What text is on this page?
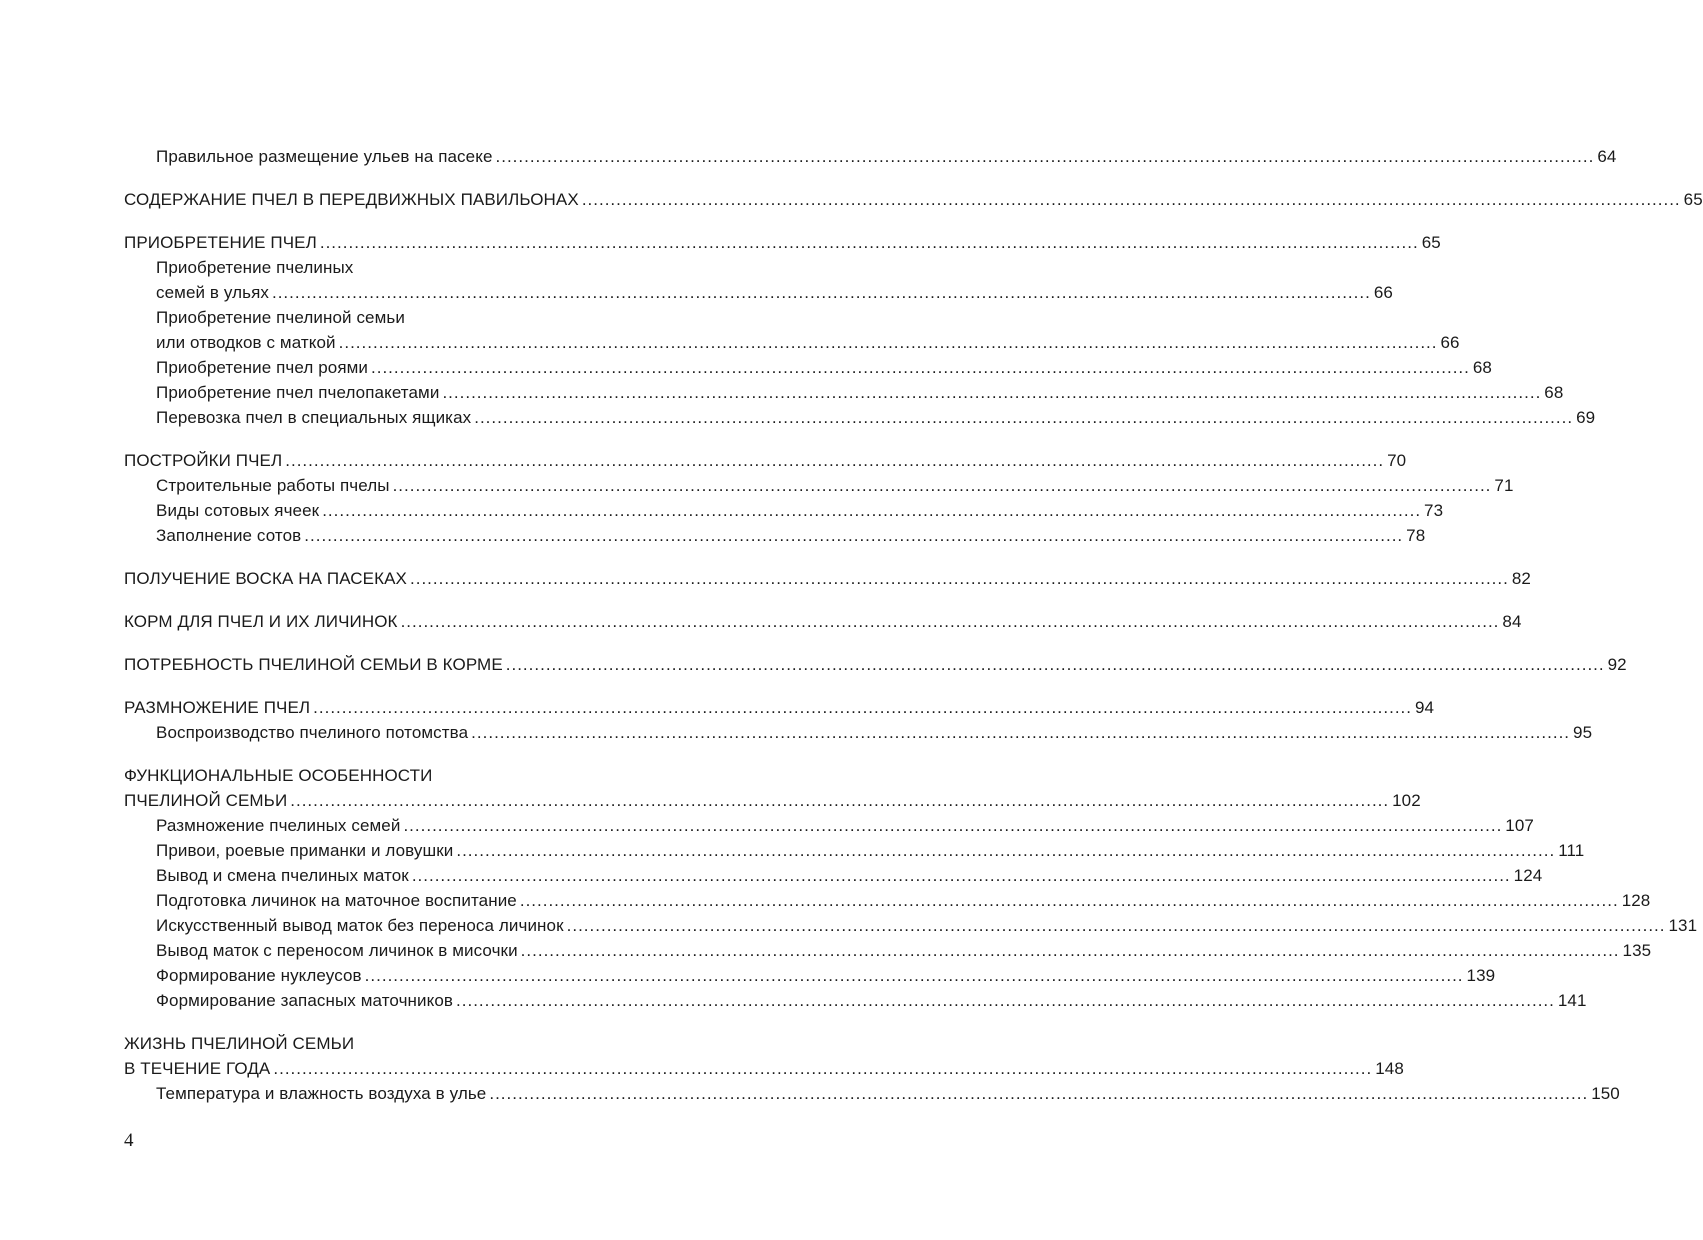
Правильное размещение ульев на пасеке .....	64
СОДЕРЖАНИЕ ПЧЕЛ В ПЕРЕДВИЖНЫХ ПАВИЛЬОНАХ .....	65
ПРИОБРЕТЕНИЕ ПЧЕЛ .....	65
Приобретение пчелиных
семей в ульях .....	66
Приобретение пчелиной семьи
или отводков с маткой .....	66
Приобретение пчел роями .....	68
Приобретение пчел пчелопакетами .....	68
Перевозка пчел в специальных ящиках .....	69
ПОСТРОЙКИ ПЧЕЛ .....	70
Строительные работы пчелы .....	71
Виды сотовых ячеек .....	73
Заполнение сотов .....	78
ПОЛУЧЕНИЕ ВОСКА НА ПАСЕКАХ .....	82
КОРМ ДЛЯ ПЧЕЛ И ИХ ЛИЧИНОК .....	84
ПОТРЕБНОСТЬ ПЧЕЛИНОЙ СЕМЬИ В КОРМЕ .....	92
РАЗМНОЖЕНИЕ ПЧЕЛ .....	94
Воспроизводство пчелиного потомства .....	95
ФУНКЦИОНАЛЬНЫЕ ОСОБЕННОСТИ
ПЧЕЛИНОЙ СЕМЬИ .....	102
Размножение пчелиных семей .....	107
Привои, роевые приманки и ловушки .....	111
Вывод и смена пчелиных маток .....	124
Подготовка личинок на маточное воспитание .....	128
Искусственный вывод маток без переноса личинок .....	131
Вывод маток с переносом личинок в мисочки .....	135
Формирование нуклеусов .....	139
Формирование запасных маточников .....	141
ЖИЗНЬ ПЧЕЛИНОЙ СЕМЬИ
В ТЕЧЕНИЕ ГОДА .....	148
Температура и влажность воздуха в улье .....	150
4
